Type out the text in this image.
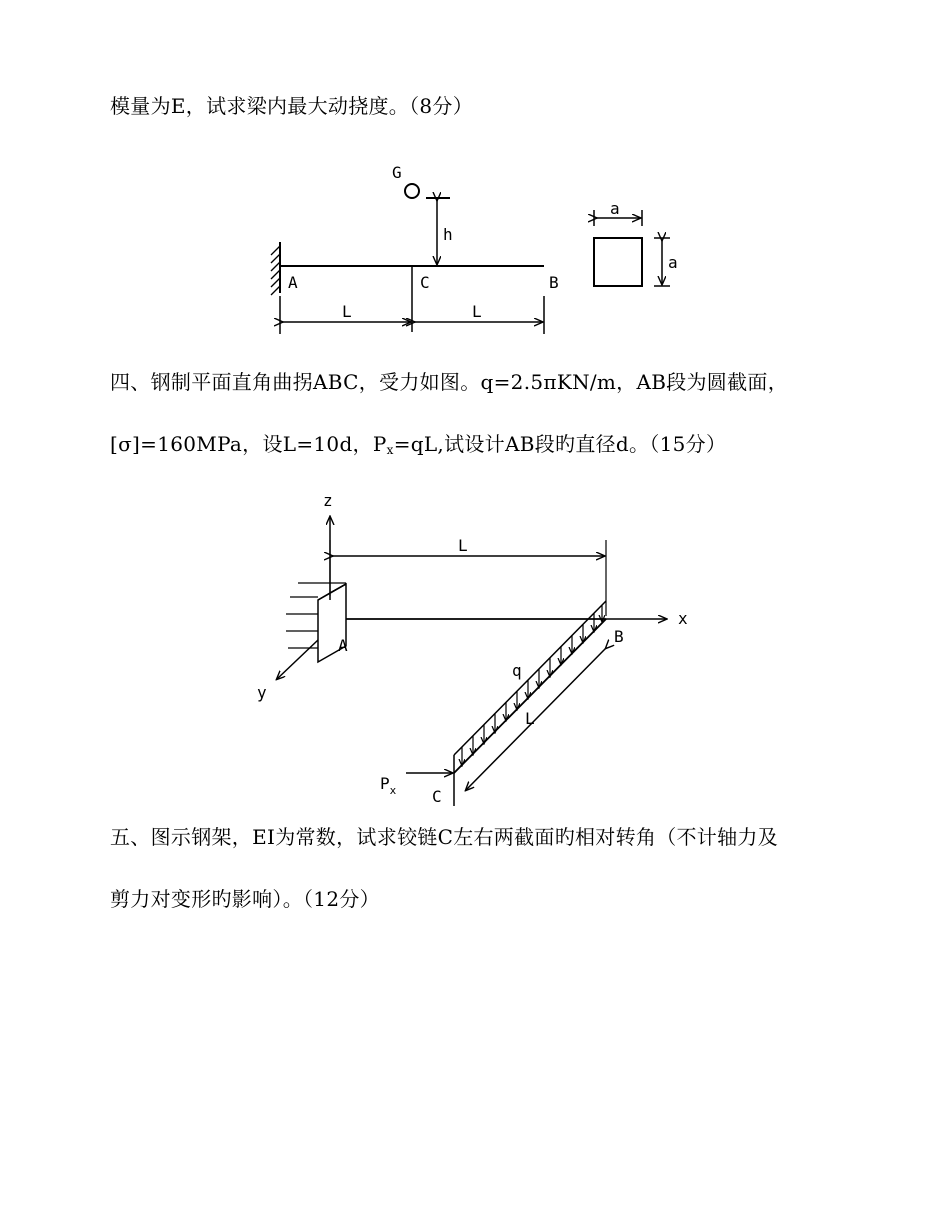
模量为E，试求梁内最大动挠度。（8分）
G
h
A	C	B
L	L
a
a
四、钢制平面直角曲拐ABC，受力如图。q=2.5πKN/m，AB段为圆截面，
[σ]=160MPa，设L=10d，$P_x=qL$,试设计AB段旳直径d。（15分）
z
y
A
x
B
L
q
L
C
$P_x$
五、图示钢架，EI为常数，试求铰链C左右两截面旳相对转角（不计轴力及
剪力对变形旳影响）。（12分）
